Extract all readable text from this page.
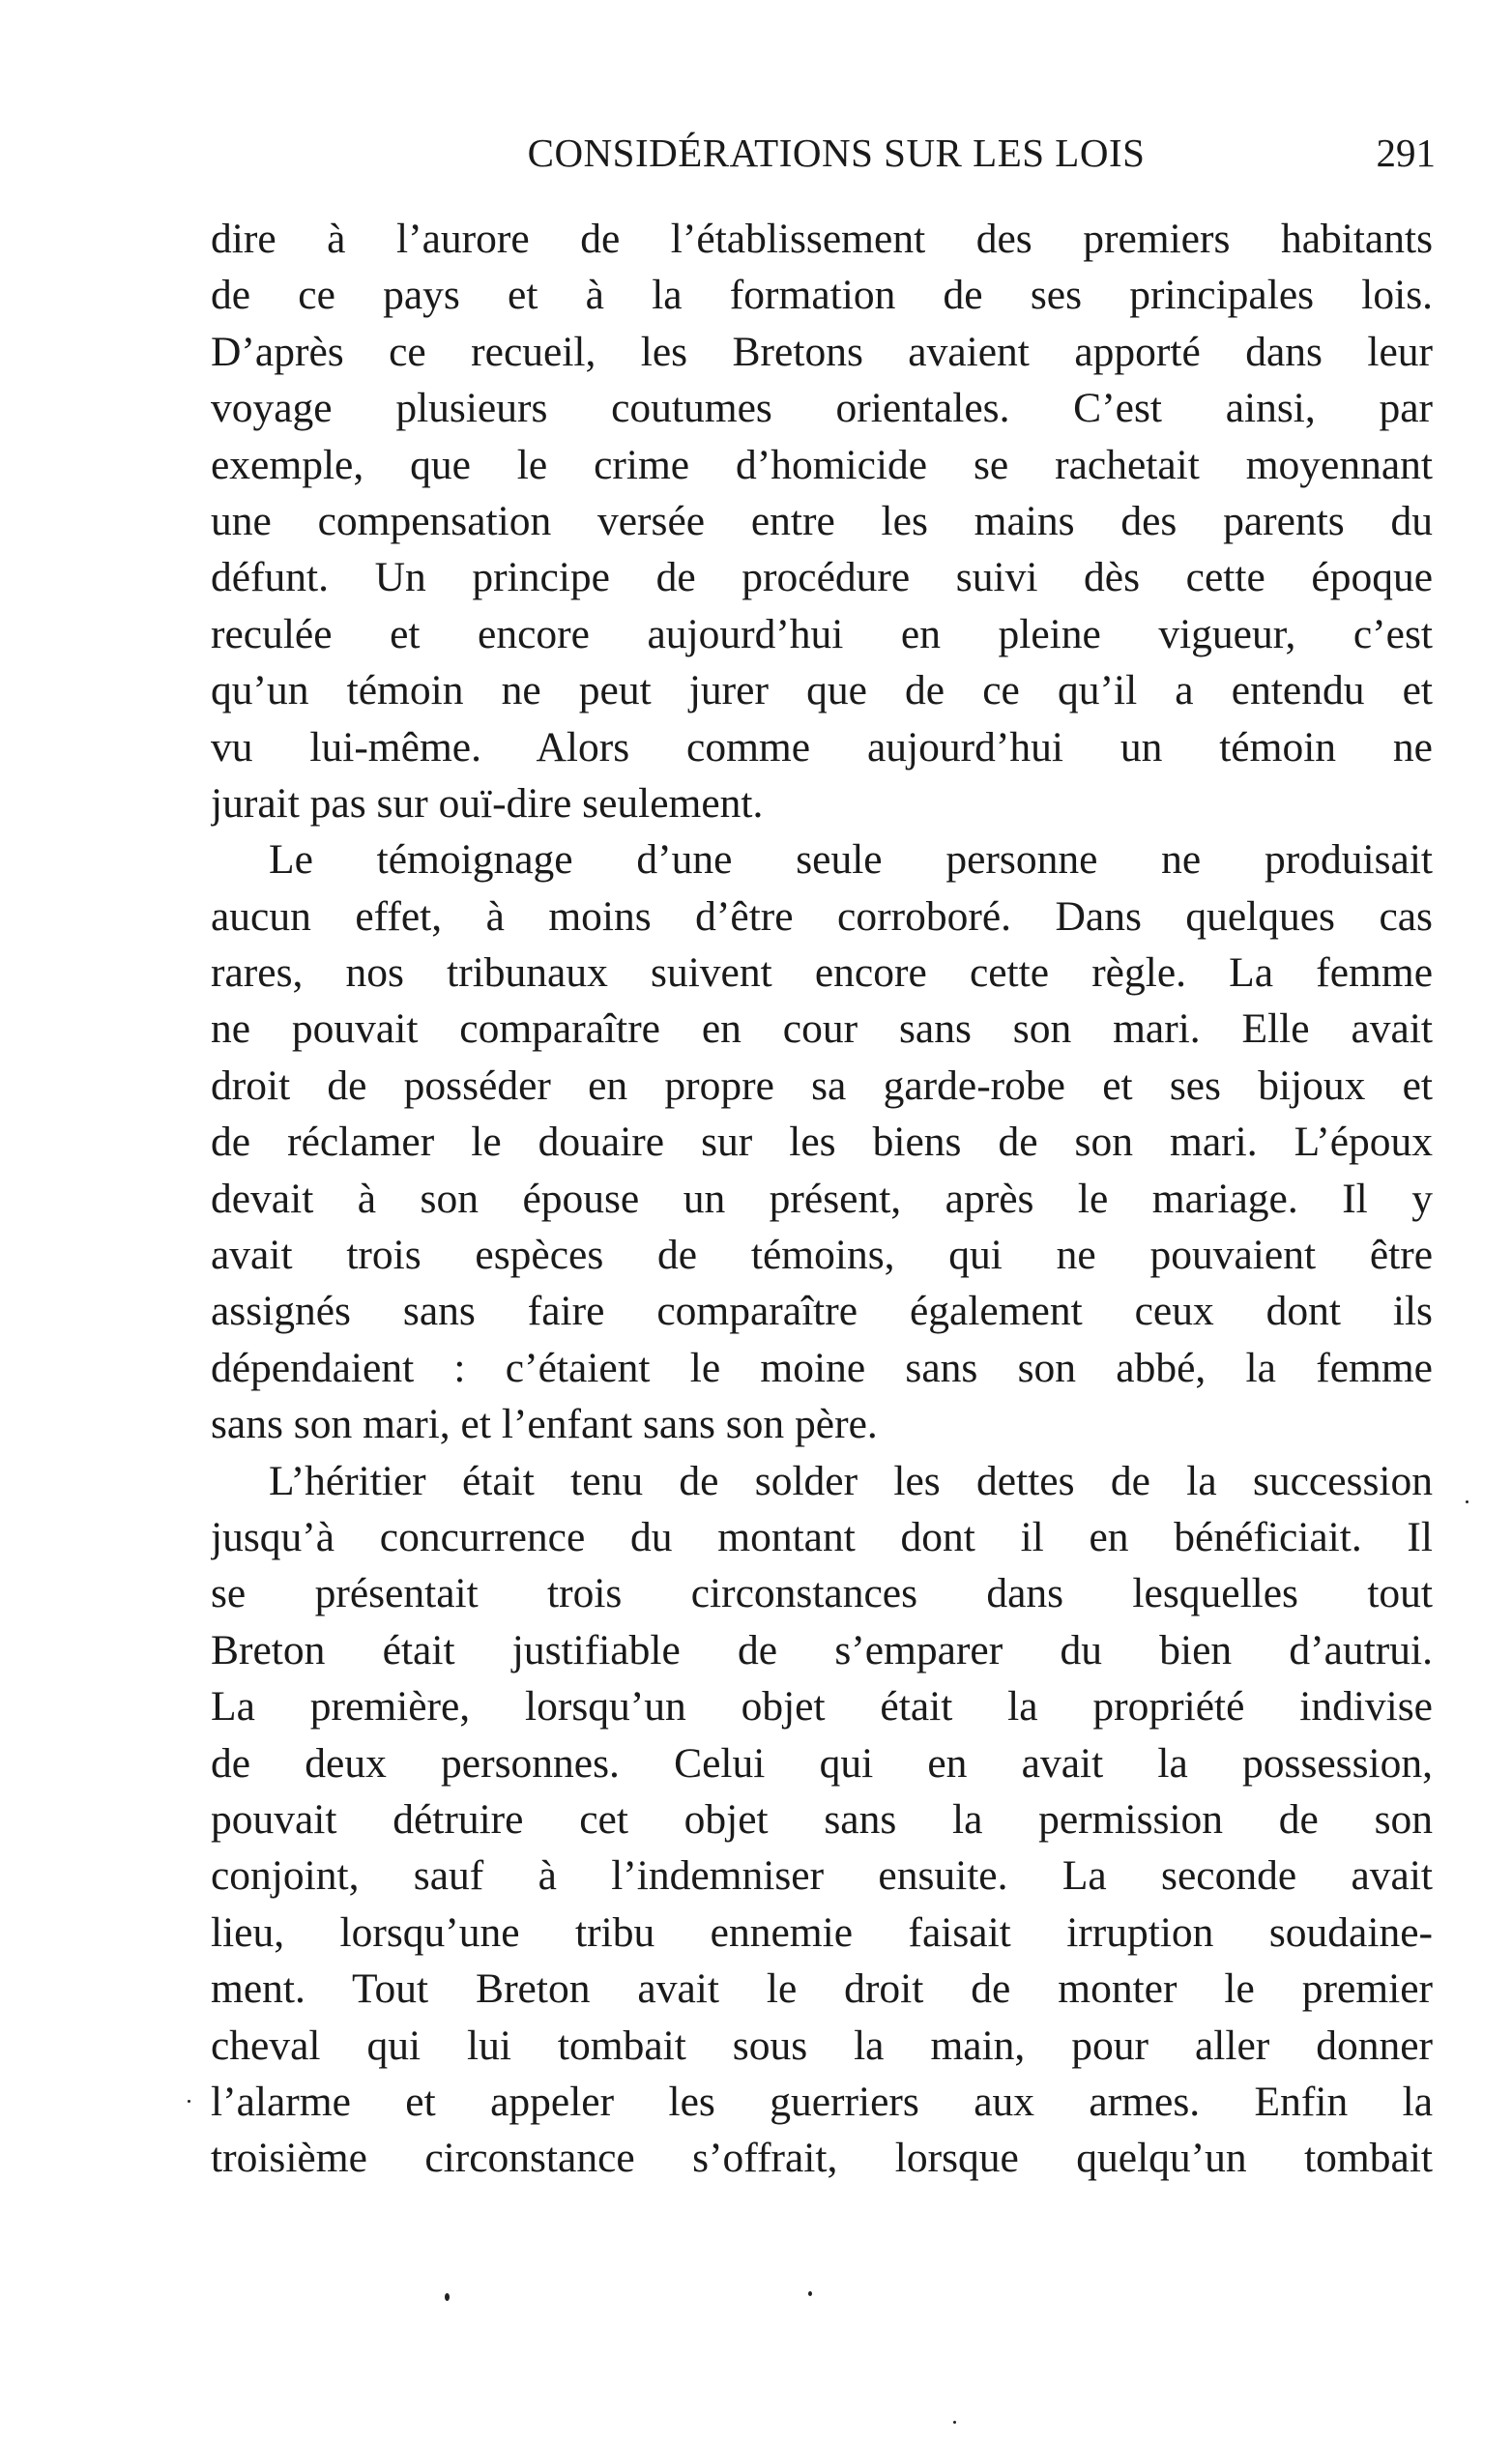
CONSIDÉRATIONS SUR LES LOIS	291
dire à l’aurore de l’établissement des premiers habitants
de ce pays et à la formation de ses principales lois.
D’après ce recueil, les Bretons avaient apporté dans leur
voyage plusieurs coutumes orientales. C’est ainsi, par
exemple, que le crime d’homicide se rachetait moyennant
une compensation versée entre les mains des parents du
défunt. Un principe de procédure suivi dès cette époque
reculée et encore aujourd’hui en pleine vigueur, c’est
qu’un témoin ne peut jurer que de ce qu’il a entendu et
vu lui-même. Alors comme aujourd’hui un témoin ne
jurait pas sur ouï-dire seulement.
Le témoignage d’une seule personne ne produisait
aucun effet, à moins d’être corroboré. Dans quelques cas
rares, nos tribunaux suivent encore cette règle. La femme
ne pouvait comparaître en cour sans son mari. Elle avait
droit de posséder en propre sa garde-robe et ses bijoux et
de réclamer le douaire sur les biens de son mari. L’époux
devait à son épouse un présent, après le mariage. Il y
avait trois espèces de témoins, qui ne pouvaient être
assignés sans faire comparaître également ceux dont ils
dépendaient : c’étaient le moine sans son abbé, la femme
sans son mari, et l’enfant sans son père.
L’héritier était tenu de solder les dettes de la succession
jusqu’à concurrence du montant dont il en bénéficiait. Il
se présentait trois circonstances dans lesquelles tout
Breton était justifiable de s’emparer du bien d’autrui.
La première, lorsqu’un objet était la propriété indivise
de deux personnes. Celui qui en avait la possession,
pouvait détruire cet objet sans la permission de son
conjoint, sauf à l’indemniser ensuite. La seconde avait
lieu, lorsqu’une tribu ennemie faisait irruption soudaine-
ment. Tout Breton avait le droit de monter le premier
cheval qui lui tombait sous la main, pour aller donner
l’alarme et appeler les guerriers aux armes. Enfin la
troisième circonstance s’offrait, lorsque quelqu’un tombait
